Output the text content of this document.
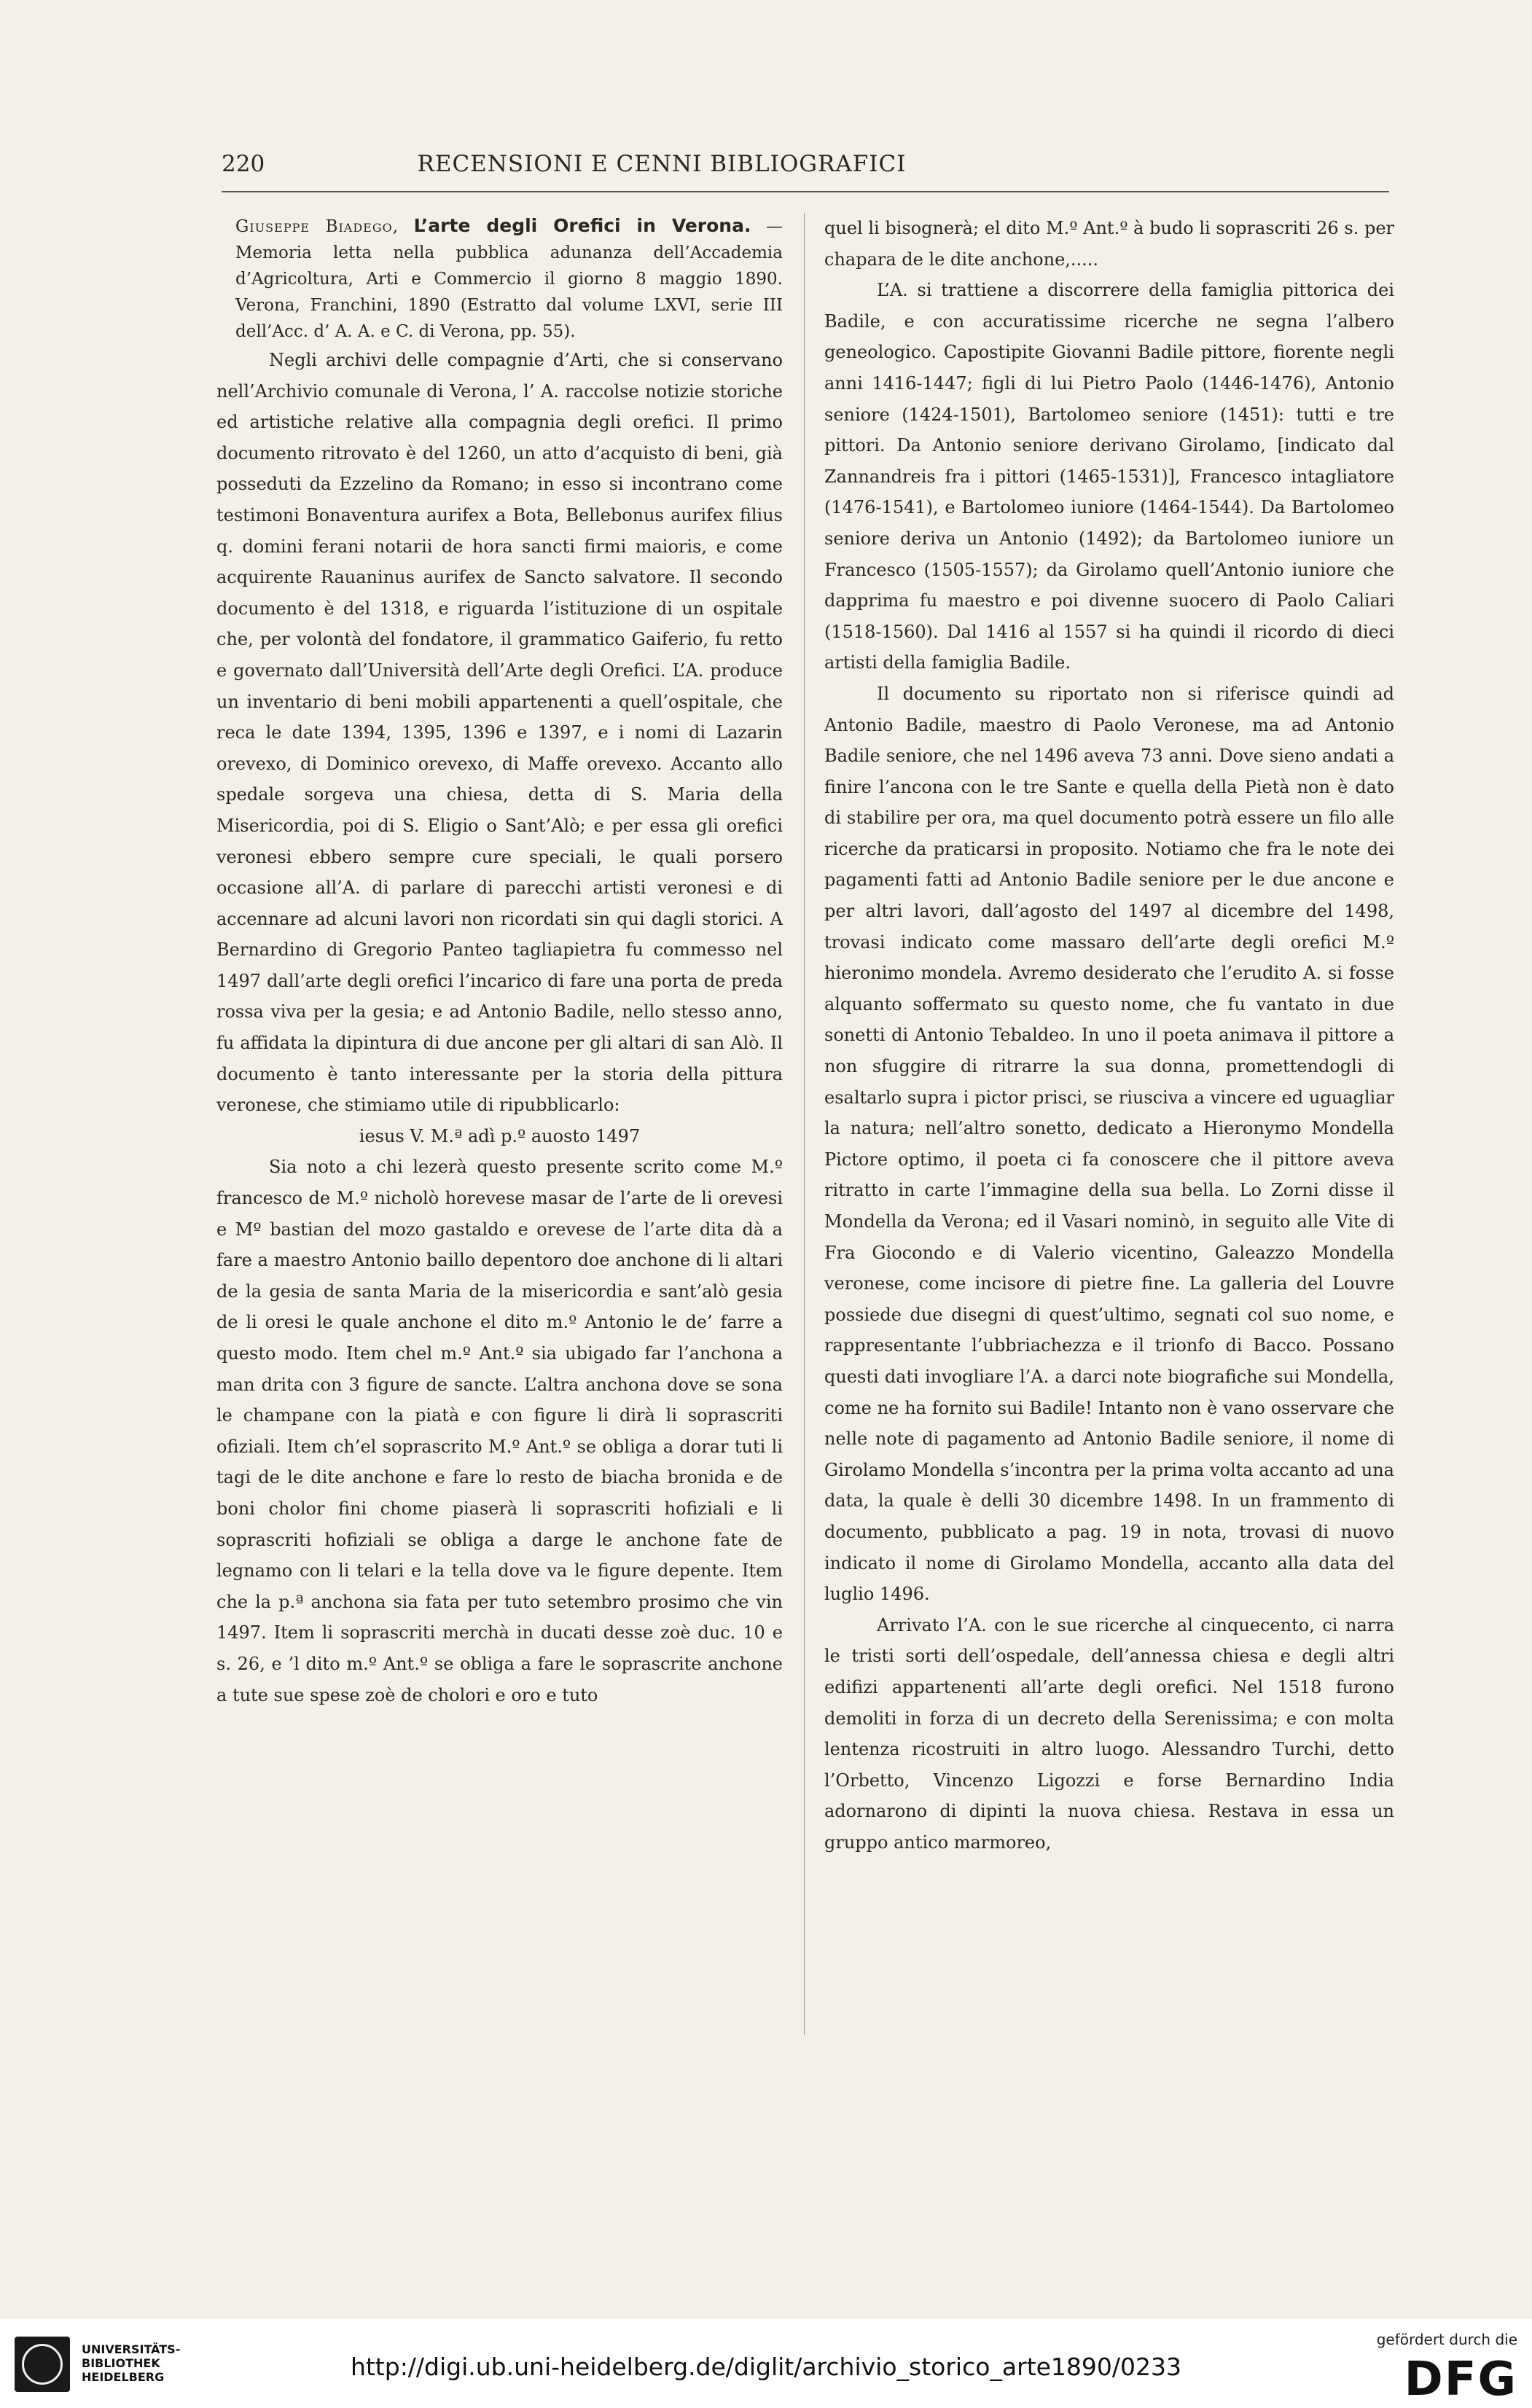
220	RECENSIONI E CENNI BIBLIOGRAFICI

Giuseppe Biadego, L’arte degli Orefici in Verona. — Memoria letta nella pubblica adunanza dell’Accademia d’Agricoltura, Arti e Commercio il giorno 8 maggio 1890. Verona, Franchini, 1890 (Estratto dal volume LXVI, serie III dell’Acc. d’ A. A. e C. di Verona, pp. 55).

Negli archivi delle compagnie d’Arti, che si conservano nell’Archivio comunale di Verona, l’ A. raccolse notizie storiche ed artistiche relative alla compagnia degli orefici. Il primo documento ritrovato è del 1260, un atto d’acquisto di beni, già posseduti da Ezzelino da Romano; in esso si incontrano come testimoni Bonaventura aurifex a Bota, Bellebonus aurifex filius q. domini ferani notarii de hora sancti firmi maioris, e come acquirente Rauaninus aurifex de Sancto salvatore. Il secondo documento è del 1318, e riguarda l’istituzione di un ospitale che, per volontà del fondatore, il grammatico Gaiferio, fu retto e governato dall’Università dell’Arte degli Orefici. L’A. produce un inventario di beni mobili appartenenti a quell’ospitale, che reca le date 1394, 1395, 1396 e 1397, e i nomi di Lazarin orevexo, di Dominico orevexo, di Maffe orevexo. Accanto allo spedale sorgeva una chiesa, detta di S. Maria della Misericordia, poi di S. Eligio o Sant’Alò; e per essa gli orefici veronesi ebbero sempre cure speciali, le quali porsero occasione all’A. di parlare di parecchi artisti veronesi e di accennare ad alcuni lavori non ricordati sin qui dagli storici. A Bernardino di Gregorio Panteo tagliapietra fu commesso nel 1497 dall’arte degli orefici l’incarico di fare una porta de preda rossa viva per la gesia; e ad Antonio Badile, nello stesso anno, fu affidata la dipintura di due ancone per gli altari di san Alò. Il documento è tanto interessante per la storia della pittura veronese, che stimiamo utile di ripubblicarlo:

iesus V. M.ª adì p.º auosto 1497

Sia noto a chi lezerà questo presente scrito come M.º francesco de M.º nicholò horevese masar de l’arte de li orevesi e Mº bastian del mozo gastaldo e orevese de l’arte dita dà a fare a maestro Antonio baillo depentoro doe anchone di li altari de la gesia de santa Maria de la misericordia e sant’alò gesia de li oresi le quale anchone el dito m.º Antonio le de’ farre a questo modo. Item chel m.º Ant.º sia ubigado far l’anchona a man drita con 3 figure de sancte. L’altra anchona dove se sona le champane con la piatà e con figure li dirà li soprascriti ofiziali. Item ch’el soprascrito M.º Ant.º se obliga a dorar tuti li tagi de le dite anchone e fare lo resto de biacha bronida e de boni cholor fini chome piaserà li soprascriti hofiziali e li soprascriti hofiziali se obliga a darge le anchone fate de legnamo con li telari e la tella dove va le figure depente. Item che la p.ª anchona sia fata per tuto setembro prosimo che vin 1497. Item li soprascriti merchà in ducati desse zoè duc. 10 e s. 26, e ’l dito m.º Ant.º se obliga a fare le soprascrite anchone a tute sue spese zoè de cholori e oro e tuto

quel li bisognerà; el dito M.º Ant.º à budo li soprascriti 26 s. per chapara de le dite anchone,.....

L’A. si trattiene a discorrere della famiglia pittorica dei Badile, e con accuratissime ricerche ne segna l’albero geneologico. Capostipite Giovanni Badile pittore, fiorente negli anni 1416-1447; figli di lui Pietro Paolo (1446-1476), Antonio seniore (1424-1501), Bartolomeo seniore (1451): tutti e tre pittori. Da Antonio seniore derivano Girolamo, [indicato dal Zannandreis fra i pittori (1465-1531)], Francesco intagliatore (1476-1541), e Bartolomeo iuniore (1464-1544). Da Bartolomeo seniore deriva un Antonio (1492); da Bartolomeo iuniore un Francesco (1505-1557); da Girolamo quell’Antonio iuniore che dapprima fu maestro e poi divenne suocero di Paolo Caliari (1518-1560). Dal 1416 al 1557 si ha quindi il ricordo di dieci artisti della famiglia Badile.

Il documento su riportato non si riferisce quindi ad Antonio Badile, maestro di Paolo Veronese, ma ad Antonio Badile seniore, che nel 1496 aveva 73 anni. Dove sieno andati a finire l’ancona con le tre Sante e quella della Pietà non è dato di stabilire per ora, ma quel documento potrà essere un filo alle ricerche da praticarsi in proposito. Notiamo che fra le note dei pagamenti fatti ad Antonio Badile seniore per le due ancone e per altri lavori, dall’agosto del 1497 al dicembre del 1498, trovasi indicato come massaro dell’arte degli orefici M.º hieronimo mondela. Avremo desiderato che l’erudito A. si fosse alquanto soffermato su questo nome, che fu vantato in due sonetti di Antonio Tebaldeo. In uno il poeta animava il pittore a non sfuggire di ritrarre la sua donna, promettendogli di esaltarlo supra i pictor prisci, se riusciva a vincere ed uguagliar la natura; nell’altro sonetto, dedicato a Hieronymo Mondella Pictore optimo, il poeta ci fa conoscere che il pittore aveva ritratto in carte l’immagine della sua bella. Lo Zorni disse il Mondella da Verona; ed il Vasari nominò, in seguito alle Vite di Fra Giocondo e di Valerio vicentino, Galeazzo Mondella veronese, come incisore di pietre fine. La galleria del Louvre possiede due disegni di quest’ultimo, segnati col suo nome, e rappresentante l’ubbriachezza e il trionfo di Bacco. Possano questi dati invogliare l’A. a darci note biografiche sui Mondella, come ne ha fornito sui Badile! Intanto non è vano osservare che nelle note di pagamento ad Antonio Badile seniore, il nome di Girolamo Mondella s’incontra per la prima volta accanto ad una data, la quale è delli 30 dicembre 1498. In un frammento di documento, pubblicato a pag. 19 in nota, trovasi di nuovo indicato il nome di Girolamo Mondella, accanto alla data del luglio 1496.

Arrivato l’A. con le sue ricerche al cinquecento, ci narra le tristi sorti dell’ospedale, dell’annessa chiesa e degli altri edifizi appartenenti all’arte degli orefici. Nel 1518 furono demoliti in forza di un decreto della Serenissima; e con molta lentenza ricostruiti in altro luogo. Alessandro Turchi, detto l’Orbetto, Vincenzo Ligozzi e forse Bernardino India adornarono di dipinti la nuova chiesa. Restava in essa un gruppo antico marmoreo,

UNIVERSITÄTS-
BIBLIOTHEK
HEIDELBERG	http://digi.ub.uni-heidelberg.de/diglit/archivio_storico_arte1890/0233
gefördert durch die
DFG
